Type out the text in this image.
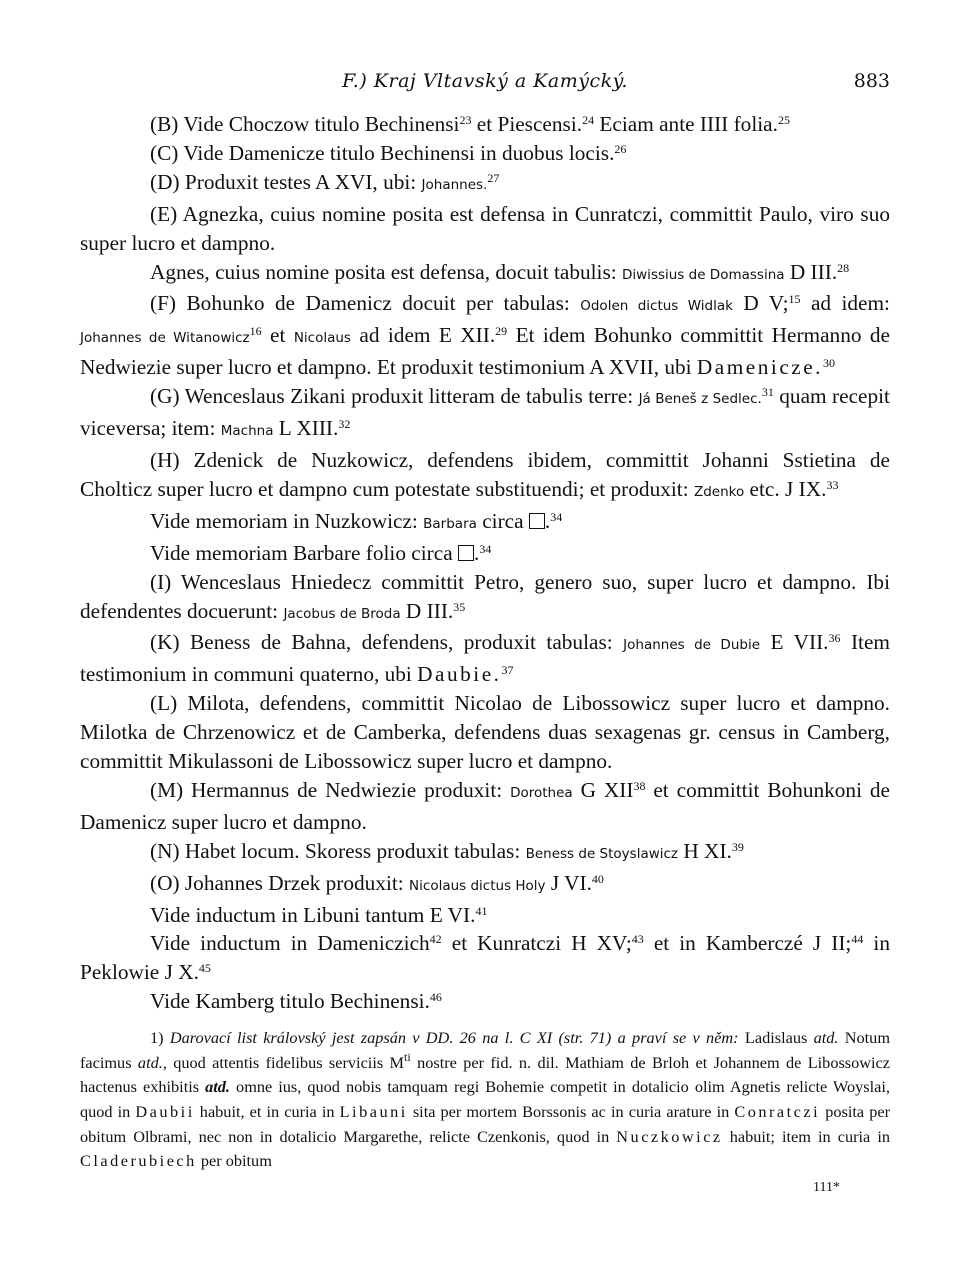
F.) Kraj Vltavský a Kamýcký.	883

(B) Vide Choczow titulo Bechinensi$^{23}$ et Piescensi.$^{24}$ Eciam ante IIII folia.$^{25}$

(C) Vide Damenicze titulo Bechinensi in duobus locis.$^{26}$

(D) Produxit testes A XVI, ubi: Johannes.$^{27}$

(E) Agnezka, cuius nomine posita est defensa in Cunratczi, committit Paulo, viro suo super lucro et dampno.

Agnes, cuius nomine posita est defensa, docuit tabulis: Diwissius de Domassina D III.$^{28}$

(F) Bohunko de Damenicz docuit per tabulas: Odolen dictus Widlak D V;$^{15}$ ad idem: Johannes de Witanowicz$^{16}$ et Nicolaus ad idem E XII.$^{29}$ Et idem Bohunko committit Hermanno de Nedwiezie super lucro et dampno. Et produxit testimonium A XVII, ubi Damenicze.$^{30}$

(G) Wenceslaus Zikani produxit litteram de tabulis terre: Já Beneš z Sedlec.$^{31}$ quam recepit viceversa; item: Machna L XIII.$^{32}$

(H) Zdenick de Nuzkowicz, defendens ibidem, committit Johanni Sstietina de Cholticz super lucro et dampno cum potestate substituendi; et produxit: Zdenko etc. J IX.$^{33}$

Vide memoriam in Nuzkowicz: Barbara circa .$^{34}$

Vide memoriam Barbare folio circa .$^{34}$

(I) Wenceslaus Hniedecz committit Petro, genero suo, super lucro et dampno. Ibi defendentes docuerunt: Jacobus de Broda D III.$^{35}$

(K) Beness de Bahna, defendens, produxit tabulas: Johannes de Dubie E VII.$^{36}$ Item testimonium in communi quaterno, ubi Daubie.$^{37}$

(L) Milota, defendens, committit Nicolao de Libossowicz super lucro et dampno. Milotka de Chrzenowicz et de Camberka, defendens duas sexagenas gr. census in Camberg, committit Mikulassoni de Libossowicz super lucro et dampno.

(M) Hermannus de Nedwiezie produxit: Dorothea G XII$^{38}$ et committit Bohunkoni de Damenicz super lucro et dampno.

(N) Habet locum. Skoress produxit tabulas: Beness de Stoyslawicz H XI.$^{39}$

(O) Johannes Drzek produxit: Nicolaus dictus Holy J VI.$^{40}$

Vide inductum in Libuni tantum E VI.$^{41}$

Vide inductum in Dameniczich$^{42}$ et Kunratczi H XV;$^{43}$ et in Kamberczé J II;$^{44}$ in Peklowie J X.$^{45}$

Vide Kamberg titulo Bechinensi.$^{46}$

1) Darovací list královský jest zapsán v DD. 26 na l. C XI (str. 71) a praví se v něm: Ladislaus atd. Notum facimus atd., quod attentis fidelibus serviciis $M^{ti}$ nostre per fid. n. dil. Mathiam de Brloh et Johannem de Libossowicz hactenus exhibitis atd. omne ius, quod nobis tamquam regi Bohemie competit in dotalicio olim Agnetis relicte Woyslai, quod in Daubii habuit, et in curia in Libauni sita per mortem Borssonis ac in curia arature in Conratczi posita per obitum Olbrami, nec non in dotalicio Margarethe, relicte Czenkonis, quod in Nuczkowicz habuit; item in curia in Claderubiech per obitum

111*
